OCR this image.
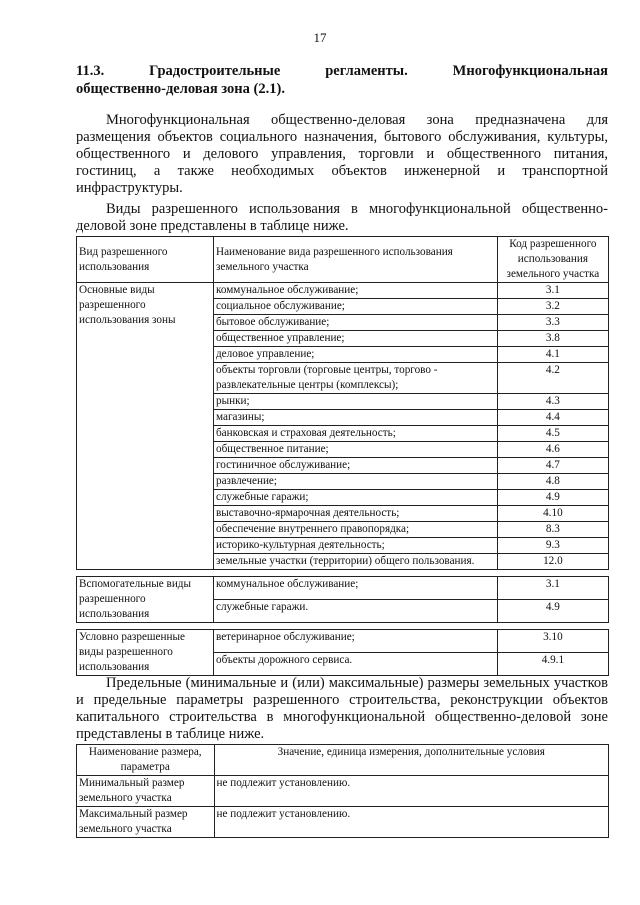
17
11.3. Градостроительные регламенты. Многофункциональная
общественно-деловая зона (2.1).
Многофункциональная общественно-деловая зона предназначена для размещения объектов социального назначения, бытового обслуживания, культуры, общественного и делового управления, торговли и общественного питания, гостиниц, а также необходимых объектов инженерной и транспортной инфраструктуры.
Виды разрешенного использования в многофункциональной общественно-деловой зоне представлены в таблице ниже.
Вид разрешенного использования	Наименование вида разрешенного использования земельного участка	Код разрешенного использования земельного участка
Основные виды разрешенного использования зоны	коммунальное обслуживание;	3.1
	социальное обслуживание;	3.2
	бытовое обслуживание;	3.3
	общественное управление;	3.8
	деловое управление;	4.1
	объекты торговли (торговые центры, торгово - развлекательные центры (комплексы);	4.2
	рынки;	4.3
	магазины;	4.4
	банковская и страховая деятельность;	4.5
	общественное питание;	4.6
	гостиничное обслуживание;	4.7
	развлечение;	4.8
	служебные гаражи;	4.9
	выставочно-ярмарочная деятельность;	4.10
	обеспечение внутреннего правопорядка;	8.3
	историко-культурная деятельность;	9.3
	земельные участки (территории) общего пользования.	12.0

Вспомогательные виды разрешенного использования	коммунальное обслуживание;	3.1
	служебные гаражи.	4.9

Условно разрешенные виды разрешенного использования	ветеринарное обслуживание;	3.10
	объекты дорожного сервиса.	4.9.1
Предельные (минимальные и (или) максимальные) размеры земельных участков и предельные параметры разрешенного строительства, реконструкции объектов капитального строительства в многофункциональной общественно-деловой зоне представлены в таблице ниже.
Наименование размера, параметра	Значение, единица измерения, дополнительные условия
Минимальный размер земельного участка	не подлежит установлению.
Максимальный размер земельного участка	не подлежит установлению.
